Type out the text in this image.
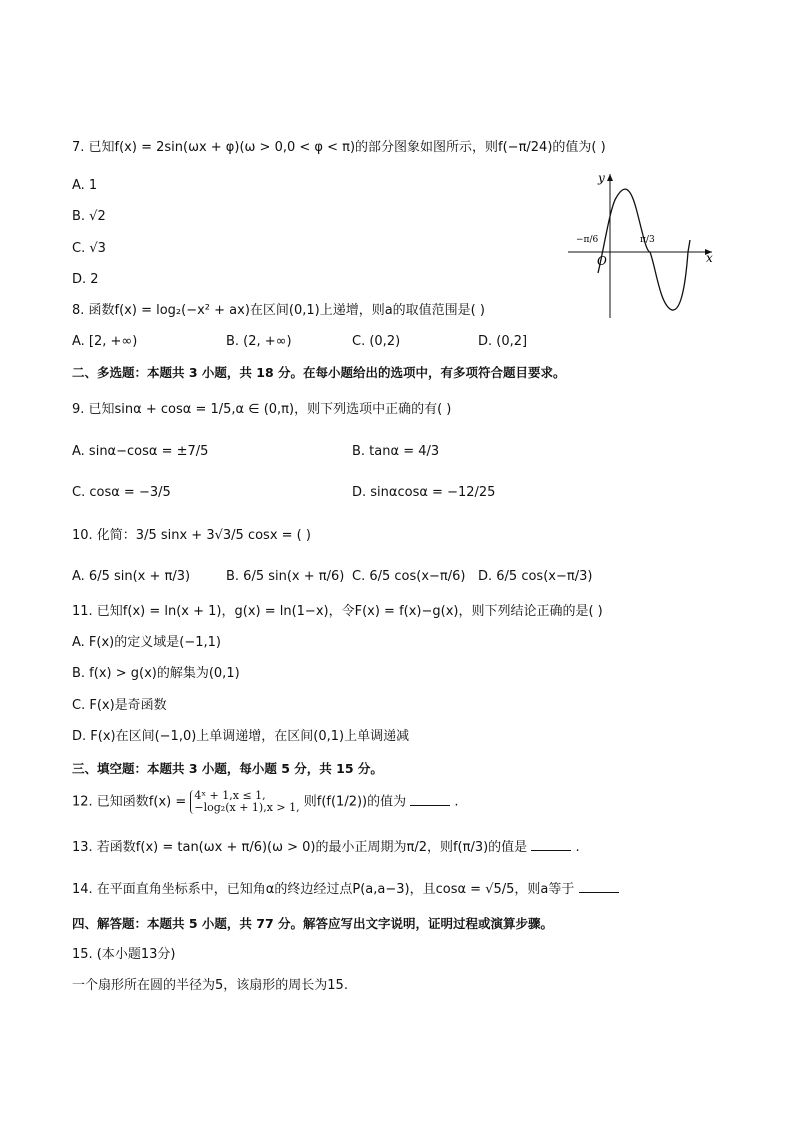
7. 已知f(x) = 2sin(ωx + φ)(ω > 0,0 < φ < π)的部分图象如图所示，则f(−π/24)的值为( )
A. 1
B. √2
C. √3
D. 2
y
x
O
−π/6	π/3
8. 函数f(x) = log₂(−x² + ax)在区间(0,1)上递增，则a的取值范围是( )
A. [2, +∞)	B. (2, +∞)	C. (0,2)	D. (0,2]
二、多选题：本题共 3 小题，共 18 分。在每小题给出的选项中，有多项符合题目要求。
9. 已知sinα + cosα = 1/5,α ∈ (0,π)，则下列选项中正确的有( )
A. sinα−cosα = ±7/5	B. tanα = 4/3
C. cosα = −3/5	D. sinαcosα = −12/25
10. 化简：3/5 sinx + 3√3/5 cosx = ( )
A. 6/5 sin(x + π/3)	B. 6/5 sin(x + π/6) C. 6/5 cos(x−π/6) D. 6/5 cos(x−π/3)
11. 已知f(x) = ln(x + 1)，g(x) = ln(1−x)，令F(x) = f(x)−g(x)，则下列结论正确的是( )
A. F(x)的定义域是(−1,1)
B. f(x) > g(x)的解集为(0,1)
C. F(x)是奇函数
D. F(x)在区间(−1,0)上单调递增，在区间(0,1)上单调递减
三、填空题：本题共 3 小题，每小题 5 分，共 15 分。
12. 已知函数f(x) = 4ˣ + 1,x ≤ 1,
−log₂(x + 1),x > 1, 则f(f(1/2))的值为	.
13. 若函数f(x) = tan(ωx + π/6)(ω > 0)的最小正周期为π/2，则f(π/3)的值是	.
14. 在平面直角坐标系中，已知角α的终边经过点P(a,a−3)，且cosα = √5/5，则a等于
四、解答题：本题共 5 小题，共 77 分。解答应写出文字说明，证明过程或演算步骤。
15. (本小题13分)
一个扇形所在圆的半径为5，该扇形的周长为15.
